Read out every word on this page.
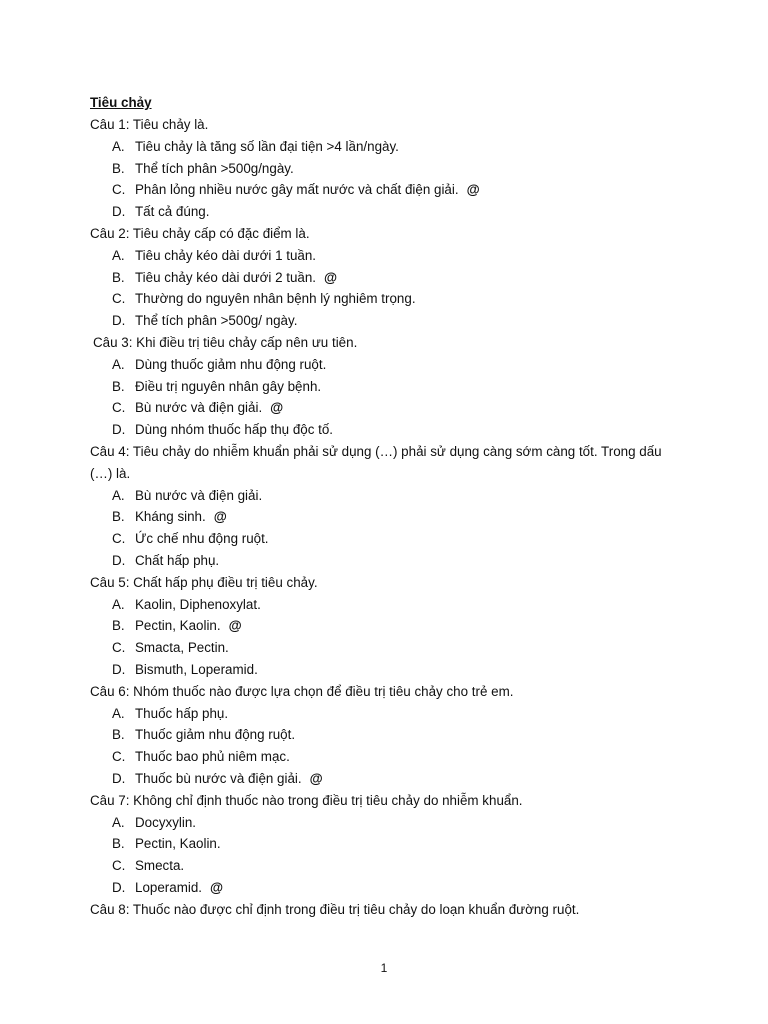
Tiêu chảy

Câu 1: Tiêu chảy là.

A. Tiêu chảy là tăng số lần đại tiện >4 lần/ngày.
B. Thể tích phân >500g/ngày.
C. Phân lỏng nhiều nước gây mất nước và chất điện giải. @
D. Tất cả đúng.

Câu 2: Tiêu chảy cấp có đặc điểm là.

A. Tiêu chảy kéo dài dưới 1 tuần.
B. Tiêu chảy kéo dài dưới 2 tuần. @
C. Thường do nguyên nhân bệnh lý nghiêm trọng.
D. Thể tích phân >500g/ ngày.

Câu 3: Khi điều trị tiêu chảy cấp nên ưu tiên.

A. Dùng thuốc giảm nhu động ruột.
B. Điều trị nguyên nhân gây bệnh.
C. Bù nước và điện giải. @
D. Dùng nhóm thuốc hấp thụ độc tố.

Câu 4: Tiêu chảy do nhiễm khuẩn phải sử dụng (…) phải sử dụng càng sớm càng tốt. Trong dấu (…) là.

A. Bù nước và điện giải.
B. Kháng sinh. @
C. Ức chế nhu động ruột.
D. Chất hấp phụ.

Câu 5: Chất hấp phụ điều trị tiêu chảy.

A. Kaolin, Diphenoxylat.
B. Pectin, Kaolin. @
C. Smacta, Pectin.
D. Bismuth, Loperamid.

Câu 6: Nhóm thuốc nào được lựa chọn để điều trị tiêu chảy cho trẻ em.

A. Thuốc hấp phụ.
B. Thuốc giảm nhu động ruột.
C. Thuốc bao phủ niêm mạc.
D. Thuốc bù nước và điện giải. @

Câu 7: Không chỉ định thuốc nào trong điều trị tiêu chảy do nhiễm khuẩn.

A. Docyxylin.
B. Pectin, Kaolin.
C. Smecta.
D. Loperamid. @

Câu 8: Thuốc nào được chỉ định trong điều trị tiêu chảy do loạn khuẩn đường ruột.

1
